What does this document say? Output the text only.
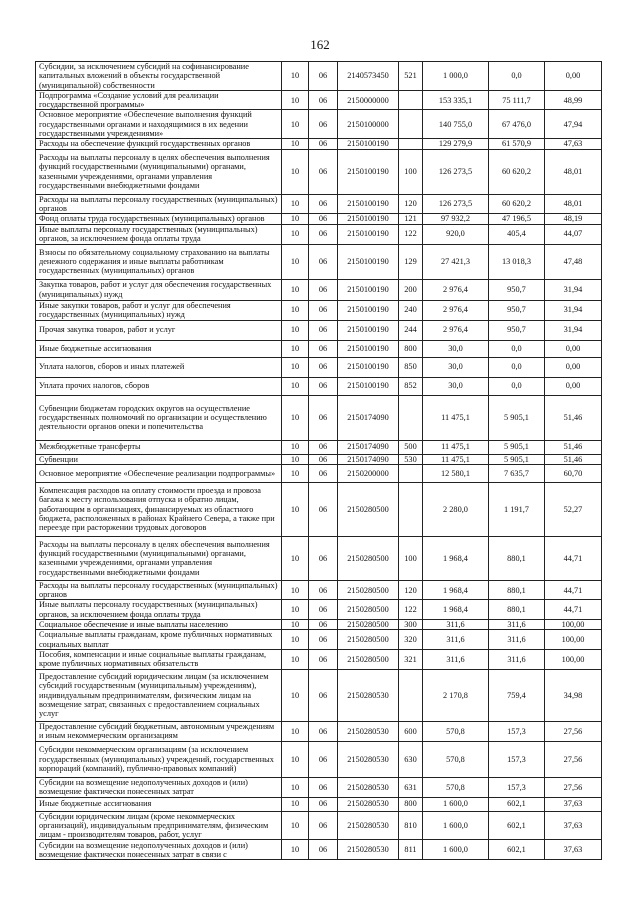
162
Субсидии, за исключением субсидий на софинансирование капитальных вложений в объекты государственной (муниципальной) собственности	10	06	2140573450	521	1 000,0	0,0	0,00
Подпрограмма «Создание условий для реализации государственной программы»	10	06	2150000000		153 335,1	75 111,7	48,99
Основное мероприятие «Обеспечение выполнения функций государственными органами и находящимися в их ведении государственными учреждениями»	10	06	2150100000		140 755,0	67 476,0	47,94
Расходы на обеспечение функций государственных органов	10	06	2150100190		129 279,9	61 570,9	47,63
Расходы на выплаты персоналу в целях обеспечения выполнения функций государственными (муниципальными) органами, казенными учреждениями, органами управления государственными внебюджетными фондами	10	06	2150100190	100	126 273,5	60 620,2	48,01
Расходы на выплаты персоналу государственных (муниципальных) органов	10	06	2150100190	120	126 273,5	60 620,2	48,01
Фонд оплаты труда государственных (муниципальных) органов	10	06	2150100190	121	97 932,2	47 196,5	48,19
Иные выплаты персоналу государственных (муниципальных) органов, за исключением фонда оплаты труда	10	06	2150100190	122	920,0	405,4	44,07
Взносы по обязательному социальному страхованию на выплаты денежного содержания и иные выплаты работникам государственных (муниципальных) органов	10	06	2150100190	129	27 421,3	13 018,3	47,48
Закупка товаров, работ и услуг для обеспечения государственных (муниципальных) нужд	10	06	2150100190	200	2 976,4	950,7	31,94
Иные закупки товаров, работ и услуг для обеспечения государственных (муниципальных) нужд	10	06	2150100190	240	2 976,4	950,7	31,94
Прочая закупка товаров, работ и услуг	10	06	2150100190	244	2 976,4	950,7	31,94
Иные бюджетные ассигнования	10	06	2150100190	800	30,0	0,0	0,00
Уплата налогов, сборов и иных платежей	10	06	2150100190	850	30,0	0,0	0,00
Уплата прочих налогов, сборов	10	06	2150100190	852	30,0	0,0	0,00
Субвенции бюджетам городских округов на осуществление государственных полномочий по организации и осуществлению деятельности органов опеки и попечительства	10	06	2150174090		11 475,1	5 905,1	51,46
Межбюджетные трансферты	10	06	2150174090	500	11 475,1	5 905,1	51,46
Субвенции	10	06	2150174090	530	11 475,1	5 905,1	51,46
Основное мероприятие «Обеспечение реализации подпрограммы»	10	06	2150200000		12 580,1	7 635,7	60,70
Компенсация расходов на оплату стоимости проезда и провоза багажа к месту использования отпуска и обратно лицам, работающим в организациях, финансируемых из областного бюджета, расположенных в районах Крайнего Севера, а также при переезде при расторжении трудовых договоров	10	06	2150280500		2 280,0	1 191,7	52,27
Расходы на выплаты персоналу в целях обеспечения выполнения функций государственными (муниципальными) органами, казенными учреждениями, органами управления государственными внебюджетными фондами	10	06	2150280500	100	1 968,4	880,1	44,71
Расходы на выплаты персоналу государственных (муниципальных) органов	10	06	2150280500	120	1 968,4	880,1	44,71
Иные выплаты персоналу государственных (муниципальных) органов, за исключением фонда оплаты труда	10	06	2150280500	122	1 968,4	880,1	44,71
Социальное обеспечение и иные выплаты населению	10	06	2150280500	300	311,6	311,6	100,00
Социальные выплаты гражданам, кроме публичных нормативных социальных выплат	10	06	2150280500	320	311,6	311,6	100,00
Пособия, компенсации и иные социальные выплаты гражданам, кроме публичных нормативных обязательств	10	06	2150280500	321	311,6	311,6	100,00
Предоставление субсидий юридическим лицам (за исключением субсидий государственным (муниципальным) учреждениям), индивидуальным предпринимателям, физическим лицам на возмещение затрат, связанных с предоставлением социальных услуг	10	06	2150280530		2 170,8	759,4	34,98
Предоставление субсидий бюджетным, автономным учреждениям и иным некоммерческим организациям	10	06	2150280530	600	570,8	157,3	27,56
Субсидии некоммерческим организациям (за исключением государственных (муниципальных) учреждений, государственных корпораций (компаний), публично-правовых компаний)	10	06	2150280530	630	570,8	157,3	27,56
Субсидии на возмещение недополученных доходов и (или) возмещение фактически понесенных затрат	10	06	2150280530	631	570,8	157,3	27,56
Иные бюджетные ассигнования	10	06	2150280530	800	1 600,0	602,1	37,63
Субсидии юридическим лицам (кроме некоммерческих организаций), индивидуальным предпринимателям, физическим лицам - производителям товаров, работ, услуг	10	06	2150280530	810	1 600,0	602,1	37,63
Субсидии на возмещение недополученных доходов и (или) возмещение фактически понесенных затрат в связи с	10	06	2150280530	811	1 600,0	602,1	37,63
